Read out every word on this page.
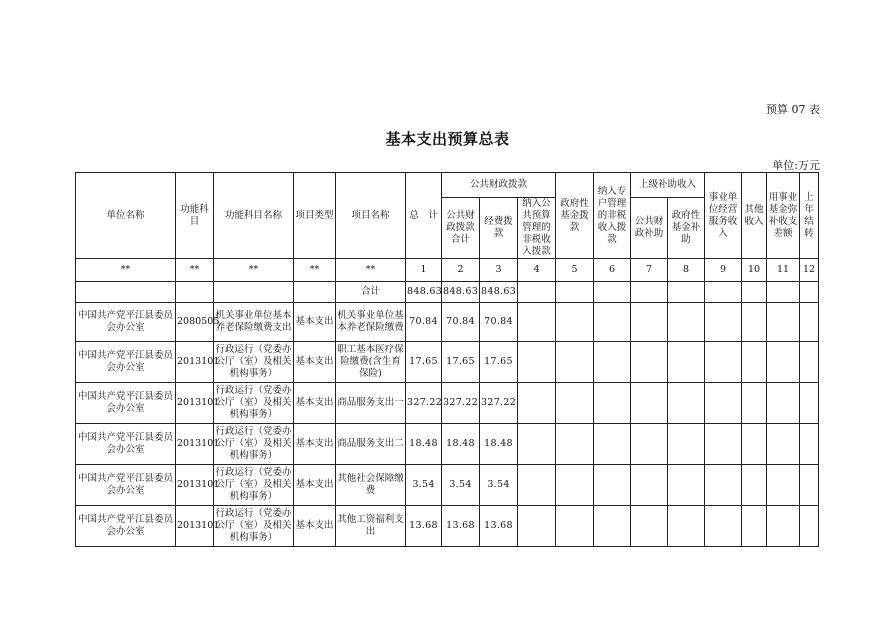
预算 07 表
基本支出预算总表
单位:万元
单位名称	功能科目	功能科目名称	项目类型	项目名称	总　计	公共财政拨款			政府性基金拨款	纳入专户管理的非税收入拨款	上级补助收入		事业单位经营服务收入	其他收入	用事业基金弥补收支差额	上年结转
						公共财政拨款合计	经费拨款	纳入公共预算管理的非税收入拨款			公共财政补助	政府性基金补助				
**	**	**	**	**	1	2	3	4	5	6	7	8	9	10	11	12
				合计	848.63	848.63	848.63									
中国共产党平江县委员会办公室	2080505	机关事业单位基本养老保险缴费支出	基本支出	机关事业单位基本养老保险缴费	70.84	70.84	70.84									
中国共产党平江县委员会办公室	2013101	行政运行（党委办公厅（室）及相关机构事务）	基本支出	职工基本医疗保险缴费(含生育保险)	17.65	17.65	17.65									
中国共产党平江县委员会办公室	2013101	行政运行（党委办公厅（室）及相关机构事务）	基本支出	商品服务支出一	327.22	327.22	327.22									
中国共产党平江县委员会办公室	2013101	行政运行（党委办公厅（室）及相关机构事务）	基本支出	商品服务支出二	18.48	18.48	18.48									
中国共产党平江县委员会办公室	2013101	行政运行（党委办公厅（室）及相关机构事务）	基本支出	其他社会保障缴费	3.54	3.54	3.54									
中国共产党平江县委员会办公室	2013101	行政运行（党委办公厅（室）及相关机构事务）	基本支出	其他工资福利支出	13.68	13.68	13.68									
